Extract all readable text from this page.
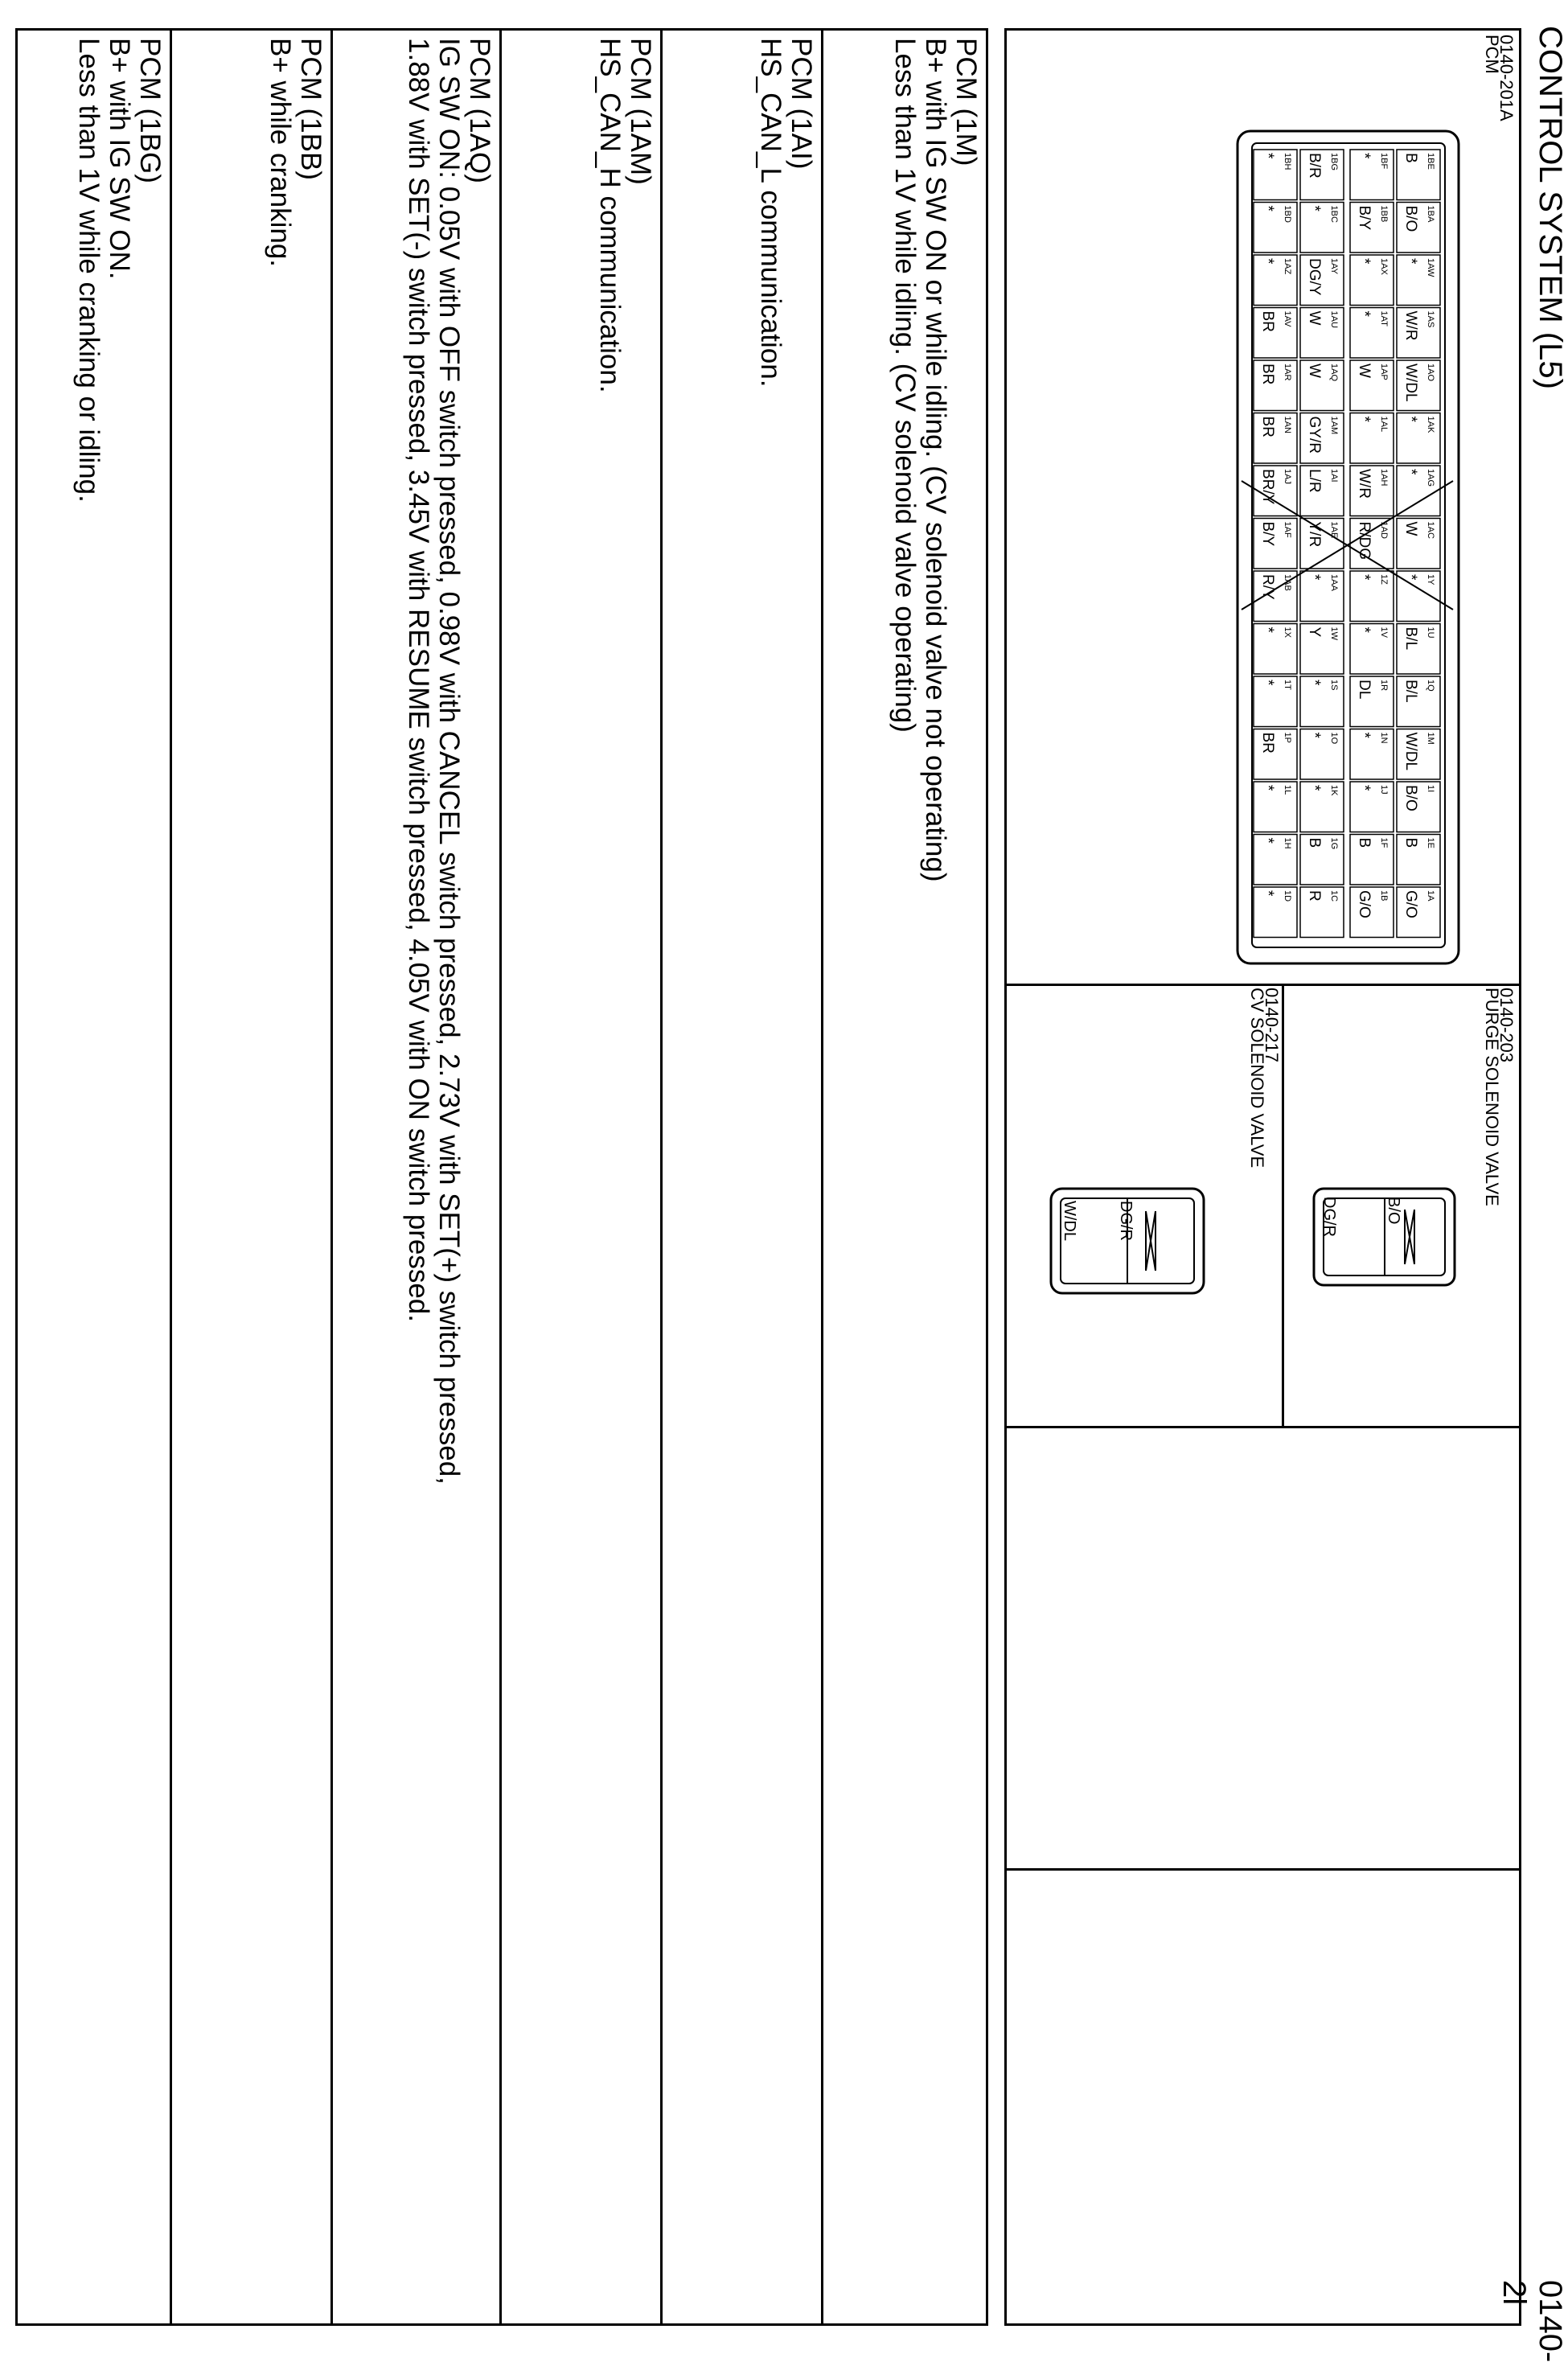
CONTROL SYSTEM (L5)
0140-2l
0140-201A
PCM
0140-203
PURGE SOLENOID VALVE
0140-217
CV SOLENOID VALVE
1BE
B
1BA
B/O
1AW
*
1AS
W/R
1AO
W/DL
1AK
*
1AG
*
1AC
W
1Y
*
1U
B/L
1Q
B/L
1M
W/DL
1I
B/O
1E
B
1A
G/O
1BF
*
1BB
B/Y
1AX
*
1AT
*
1AP
W
1AL
*
1AH
W/R
1AD
R/DG
1Z
*
1V
*
1R
DL
1N
*
1J
*
1F
B
1B
G/O
1BG
B/R
1BC
*
1AY
DG/Y
1AU
W
1AQ
W
1AM
GY/R
1AI
L/R
1AE
Y/R
1AA
*
1W
Y
1S
*
1O
*
1K
*
1G
B
1C
R
1BH
*
1BD
*
1AZ
*
1AV
BR
1AR
BR
1AN
BR
1AJ
BR/Y
1AF
B/Y
1AB
R/Y
1X
*
1T
*
1P
BR
1L
*
1H
*
1D
*
B/O
DG/R
DG/R
W/DL
PCM (1M)
B+ with IG SW ON or while idling. (CV solenoid valve not operating)
Less than 1V while idling. (CV solenoid valve operating)
PCM (1AI)
HS_CAN_L communication.
PCM (1AM)
HS_CAN_H communication.
PCM (1AQ)
IG SW ON: 0.05V with OFF switch pressed, 0.98V with CANCEL switch pressed, 2.73V with SET(+) switch pressed,
1.88V with SET(-) switch pressed, 3.45V with RESUME switch pressed, 4.05V with ON switch pressed.
PCM (1BB)
B+ while cranking.
PCM (1BG)
B+ with IG SW ON.
Less than 1V while cranking or idling.
